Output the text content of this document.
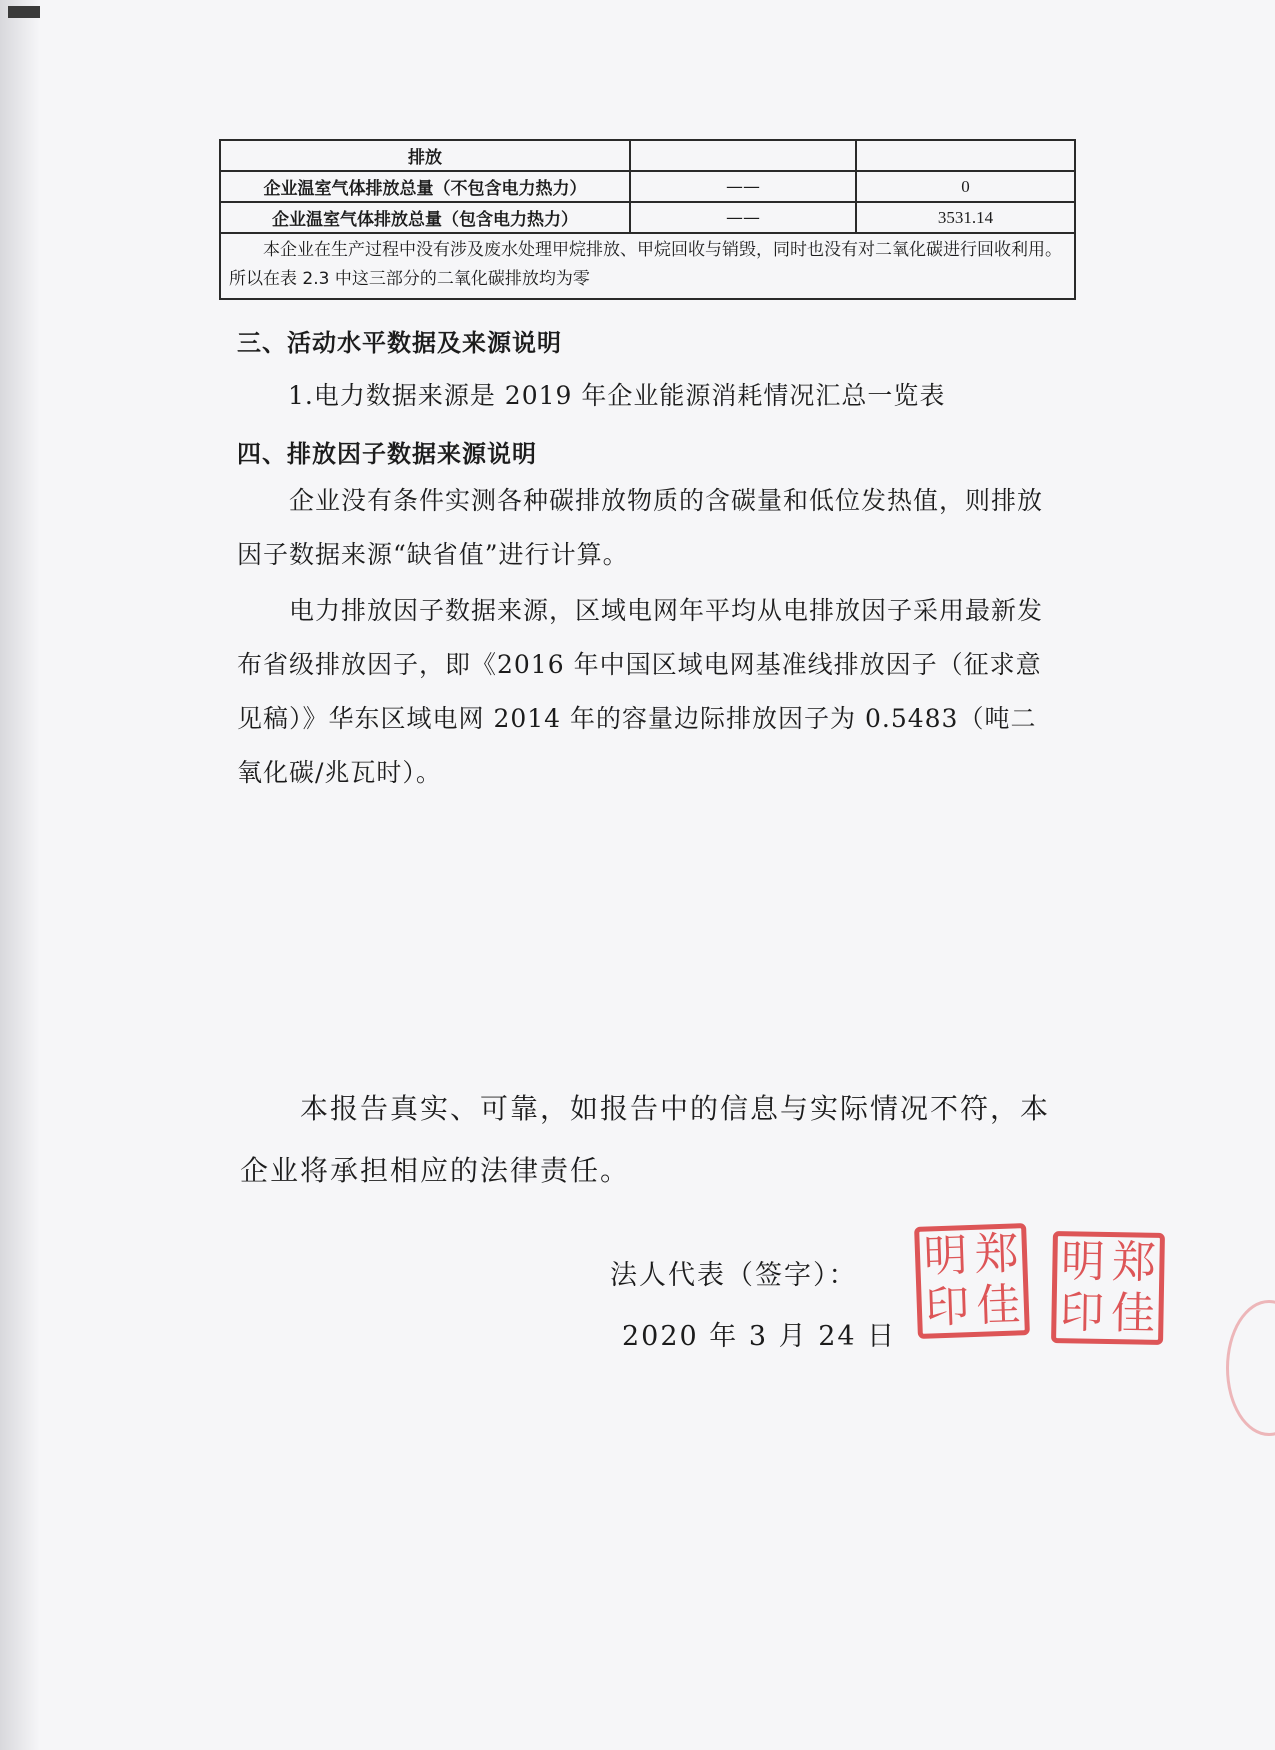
排放		
企业温室气体排放总量（不包含电力热力）	——	0
企业温室气体排放总量（包含电力热力）	——	3531.14
本企业在生产过程中没有涉及废水处理甲烷排放、甲烷回收与销毁，同时也没有对二氧化碳进行回收利用。所以在表 2.3 中这三部分的二氧化碳排放均为零		
三、活动水平数据及来源说明
1.电力数据来源是 2019 年企业能源消耗情况汇总一览表
四、排放因子数据来源说明
企业没有条件实测各种碳排放物质的含碳量和低位发热值，则排放因子数据来源“缺省值”进行计算。
电力排放因子数据来源，区域电网年平均从电排放因子采用最新发布省级排放因子，即《2016 年中国区域电网基准线排放因子（征求意见稿）》华东区域电网 2014 年的容量边际排放因子为 0.5483（吨二氧化碳/兆瓦时）。
本报告真实、可靠，如报告中的信息与实际情况不符，本企业将承担相应的法律责任。
法人代表（签字）：
2020 年 3 月 24 日
明 郑
印 佳
明 郑
印 佳
